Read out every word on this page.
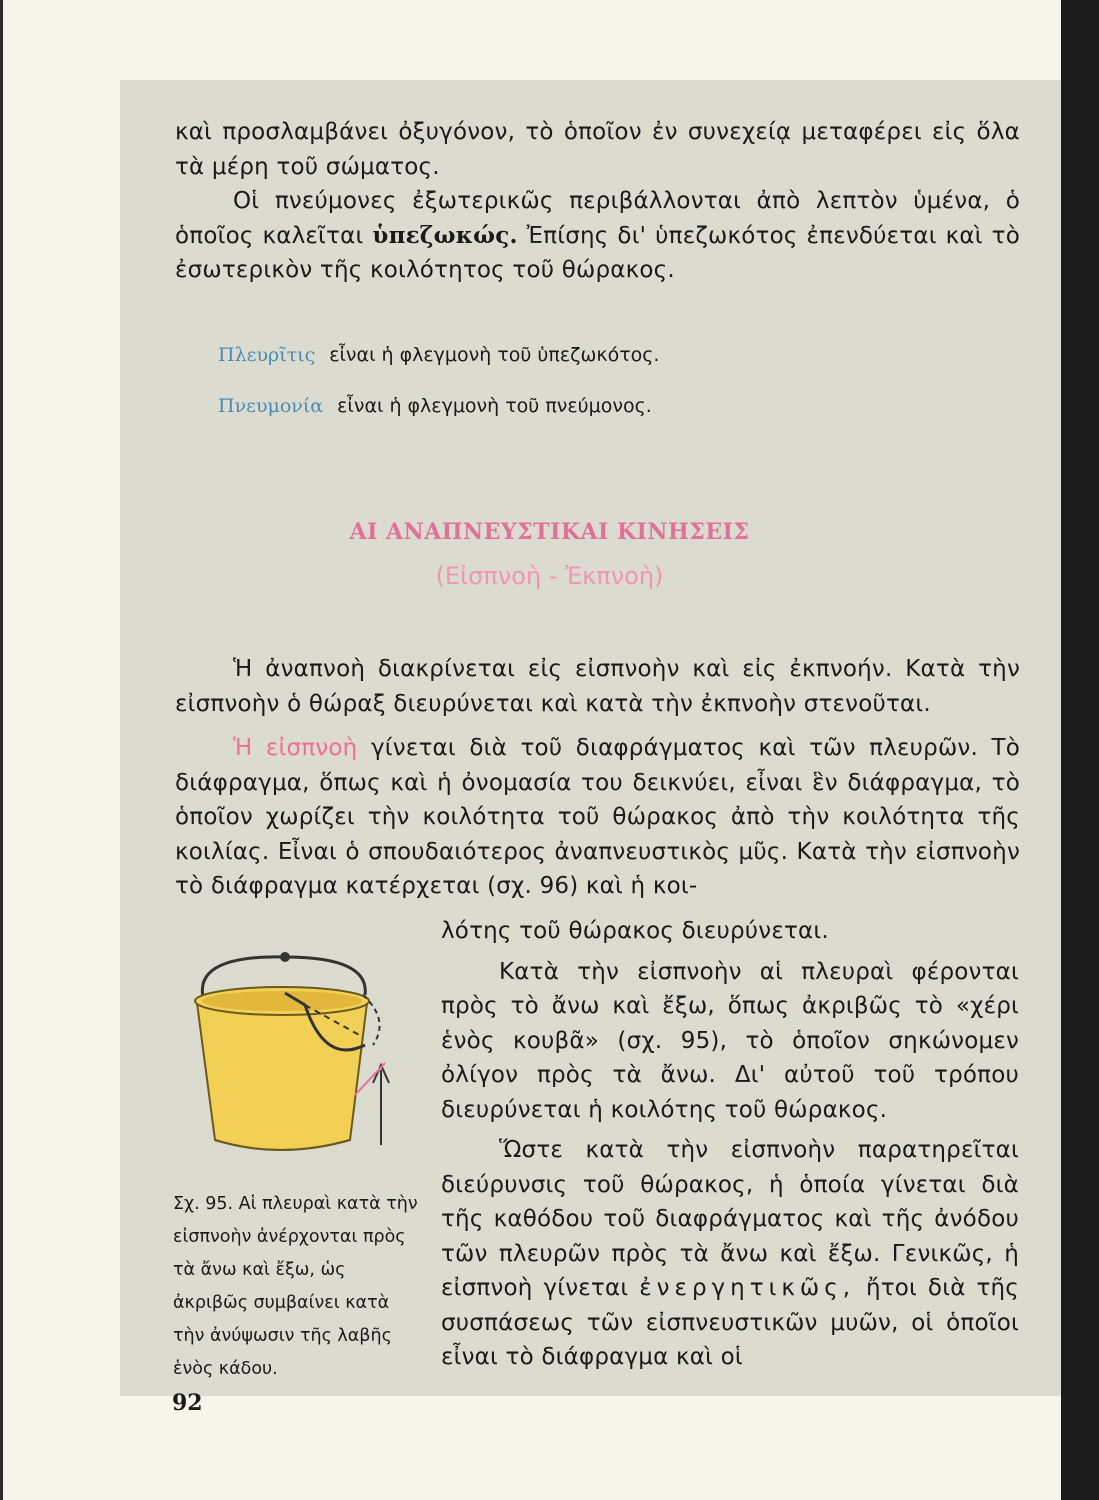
καὶ προσλαμβάνει ὀξυγόνον, τὸ ὁποῖον ἐν συνεχείᾳ μεταφέρει εἰς ὅλα τὰ μέρη τοῦ σώματος.

Οἱ πνεύμονες ἐξωτερικῶς περιβάλλονται ἀπὸ λεπτὸν ὑμένα, ὁ ὁποῖος καλεῖται ὑπεζωκώς. Ἐπίσης δι' ὑπεζωκότος ἐπενδύεται καὶ τὸ ἐσωτερικὸν τῆς κοιλότητος τοῦ θώρακος.

Πλευρῖτις εἶναι ἡ φλεγμονὴ τοῦ ὑπεζωκότος.
Πνευμονία εἶναι ἡ φλεγμονὴ τοῦ πνεύμονος.
ΑΙ ΑΝΑΠΝΕΥΣΤΙΚΑΙ ΚΙΝΗΣΕΙΣ
(Εἰσπνοὴ - Ἐκπνοὴ)

Ἡ ἀναπνοὴ διακρίνεται εἰς εἰσπνοὴν καὶ εἰς ἐκπνοήν. Κατὰ τὴν εἰσπνοὴν ὁ θώραξ διευρύνεται καὶ κατὰ τὴν ἐκπνοὴν στενοῦται.

Ἡ εἰσπνοὴ γίνεται διὰ τοῦ διαφράγματος καὶ τῶν πλευρῶν. Τὸ διάφραγμα, ὅπως καὶ ἡ ὀνομασία του δεικνύει, εἶναι ἓν διάφραγμα, τὸ ὁποῖον χωρίζει τὴν κοιλότητα τοῦ θώρακος ἀπὸ τὴν κοιλότητα τῆς κοιλίας. Εἶναι ὁ σπουδαιότερος ἀναπνευστικὸς μῦς. Κατὰ τὴν εἰσπνοὴν τὸ διάφραγμα κατέρχεται (σχ. 96) καὶ ἡ κοι-

λότης τοῦ θώρακος διευρύνεται.

Κατὰ τὴν εἰσπνοὴν αἱ πλευραὶ φέρονται πρὸς τὸ ἄνω καὶ ἔξω, ὅπως ἀκριβῶς τὸ «χέρι ἑνὸς κουβᾶ» (σχ. 95), τὸ ὁποῖον σηκώνομεν ὀλίγον πρὸς τὰ ἄνω. Δι' αὐτοῦ τοῦ τρόπου διευρύνεται ἡ κοιλότης τοῦ θώρακος.

Ὥστε κατὰ τὴν εἰσπνοὴν παρατηρεῖται διεύρυνσις τοῦ θώρακος, ἡ ὁποία γίνεται διὰ τῆς καθόδου τοῦ διαφράγματος καὶ τῆς ἀνόδου τῶν πλευρῶν πρὸς τὰ ἄνω καὶ ἔξω. Γενικῶς, ἡ εἰσπνοὴ γίνεται ἐνεργητικῶς, ἤτοι διὰ τῆς συσπάσεως τῶν εἰσπνευστικῶν μυῶν, οἱ ὁποῖοι εἶναι τὸ διάφραγμα καὶ οἱ

Σχ. 95. Αἱ πλευραὶ κατὰ τὴν εἰσπνοὴν ἀνέρχονται πρὸς τὰ ἄνω καὶ ἔξω, ὡς ἀκριβῶς συμβαίνει κατὰ τὴν ἀνύψωσιν τῆς λαβῆς ἑνὸς κάδου.
92
